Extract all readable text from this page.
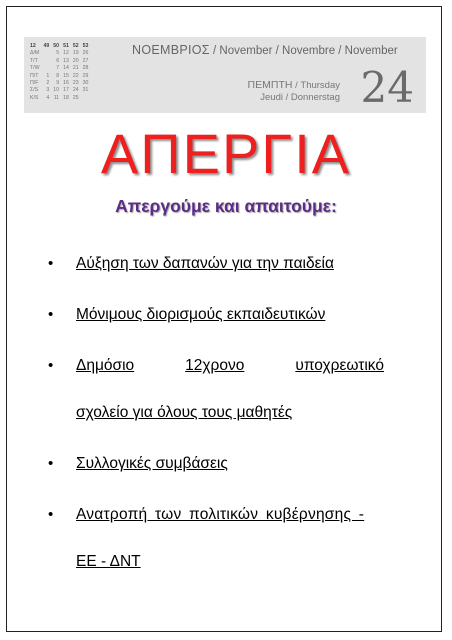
12	49	50	51	52	53
Δ/M		5	12	19	26
T/T		6	13	20	27
T/W		7	14	21	28
Π/T	1	8	15	22	29
Π/F	2	9	16	23	30
Σ/S	3	10	17	24	31
K/S	4	11	18	25	
ΝΟΕΜΒΡΙΟΣ / November / Novembre / November
ΠΕΜΠΤΗ / Thursday
Jeudi / Donnerstag 24
ΑΠΕΡΓΙΑ
Απεργούμε και απαιτούμε:
• Αύξηση των δαπανών για την παιδεία
• Μόνιμους διορισμούς εκπαιδευτικών
• Δημόσιο	12χρονο	υποχρεωτικό
σχολείο για όλους τους μαθητές
• Συλλογικές συμβάσεις
• Ανατροπή των πολιτικών κυβέρνησης -
ΕΕ - ΔΝΤ
